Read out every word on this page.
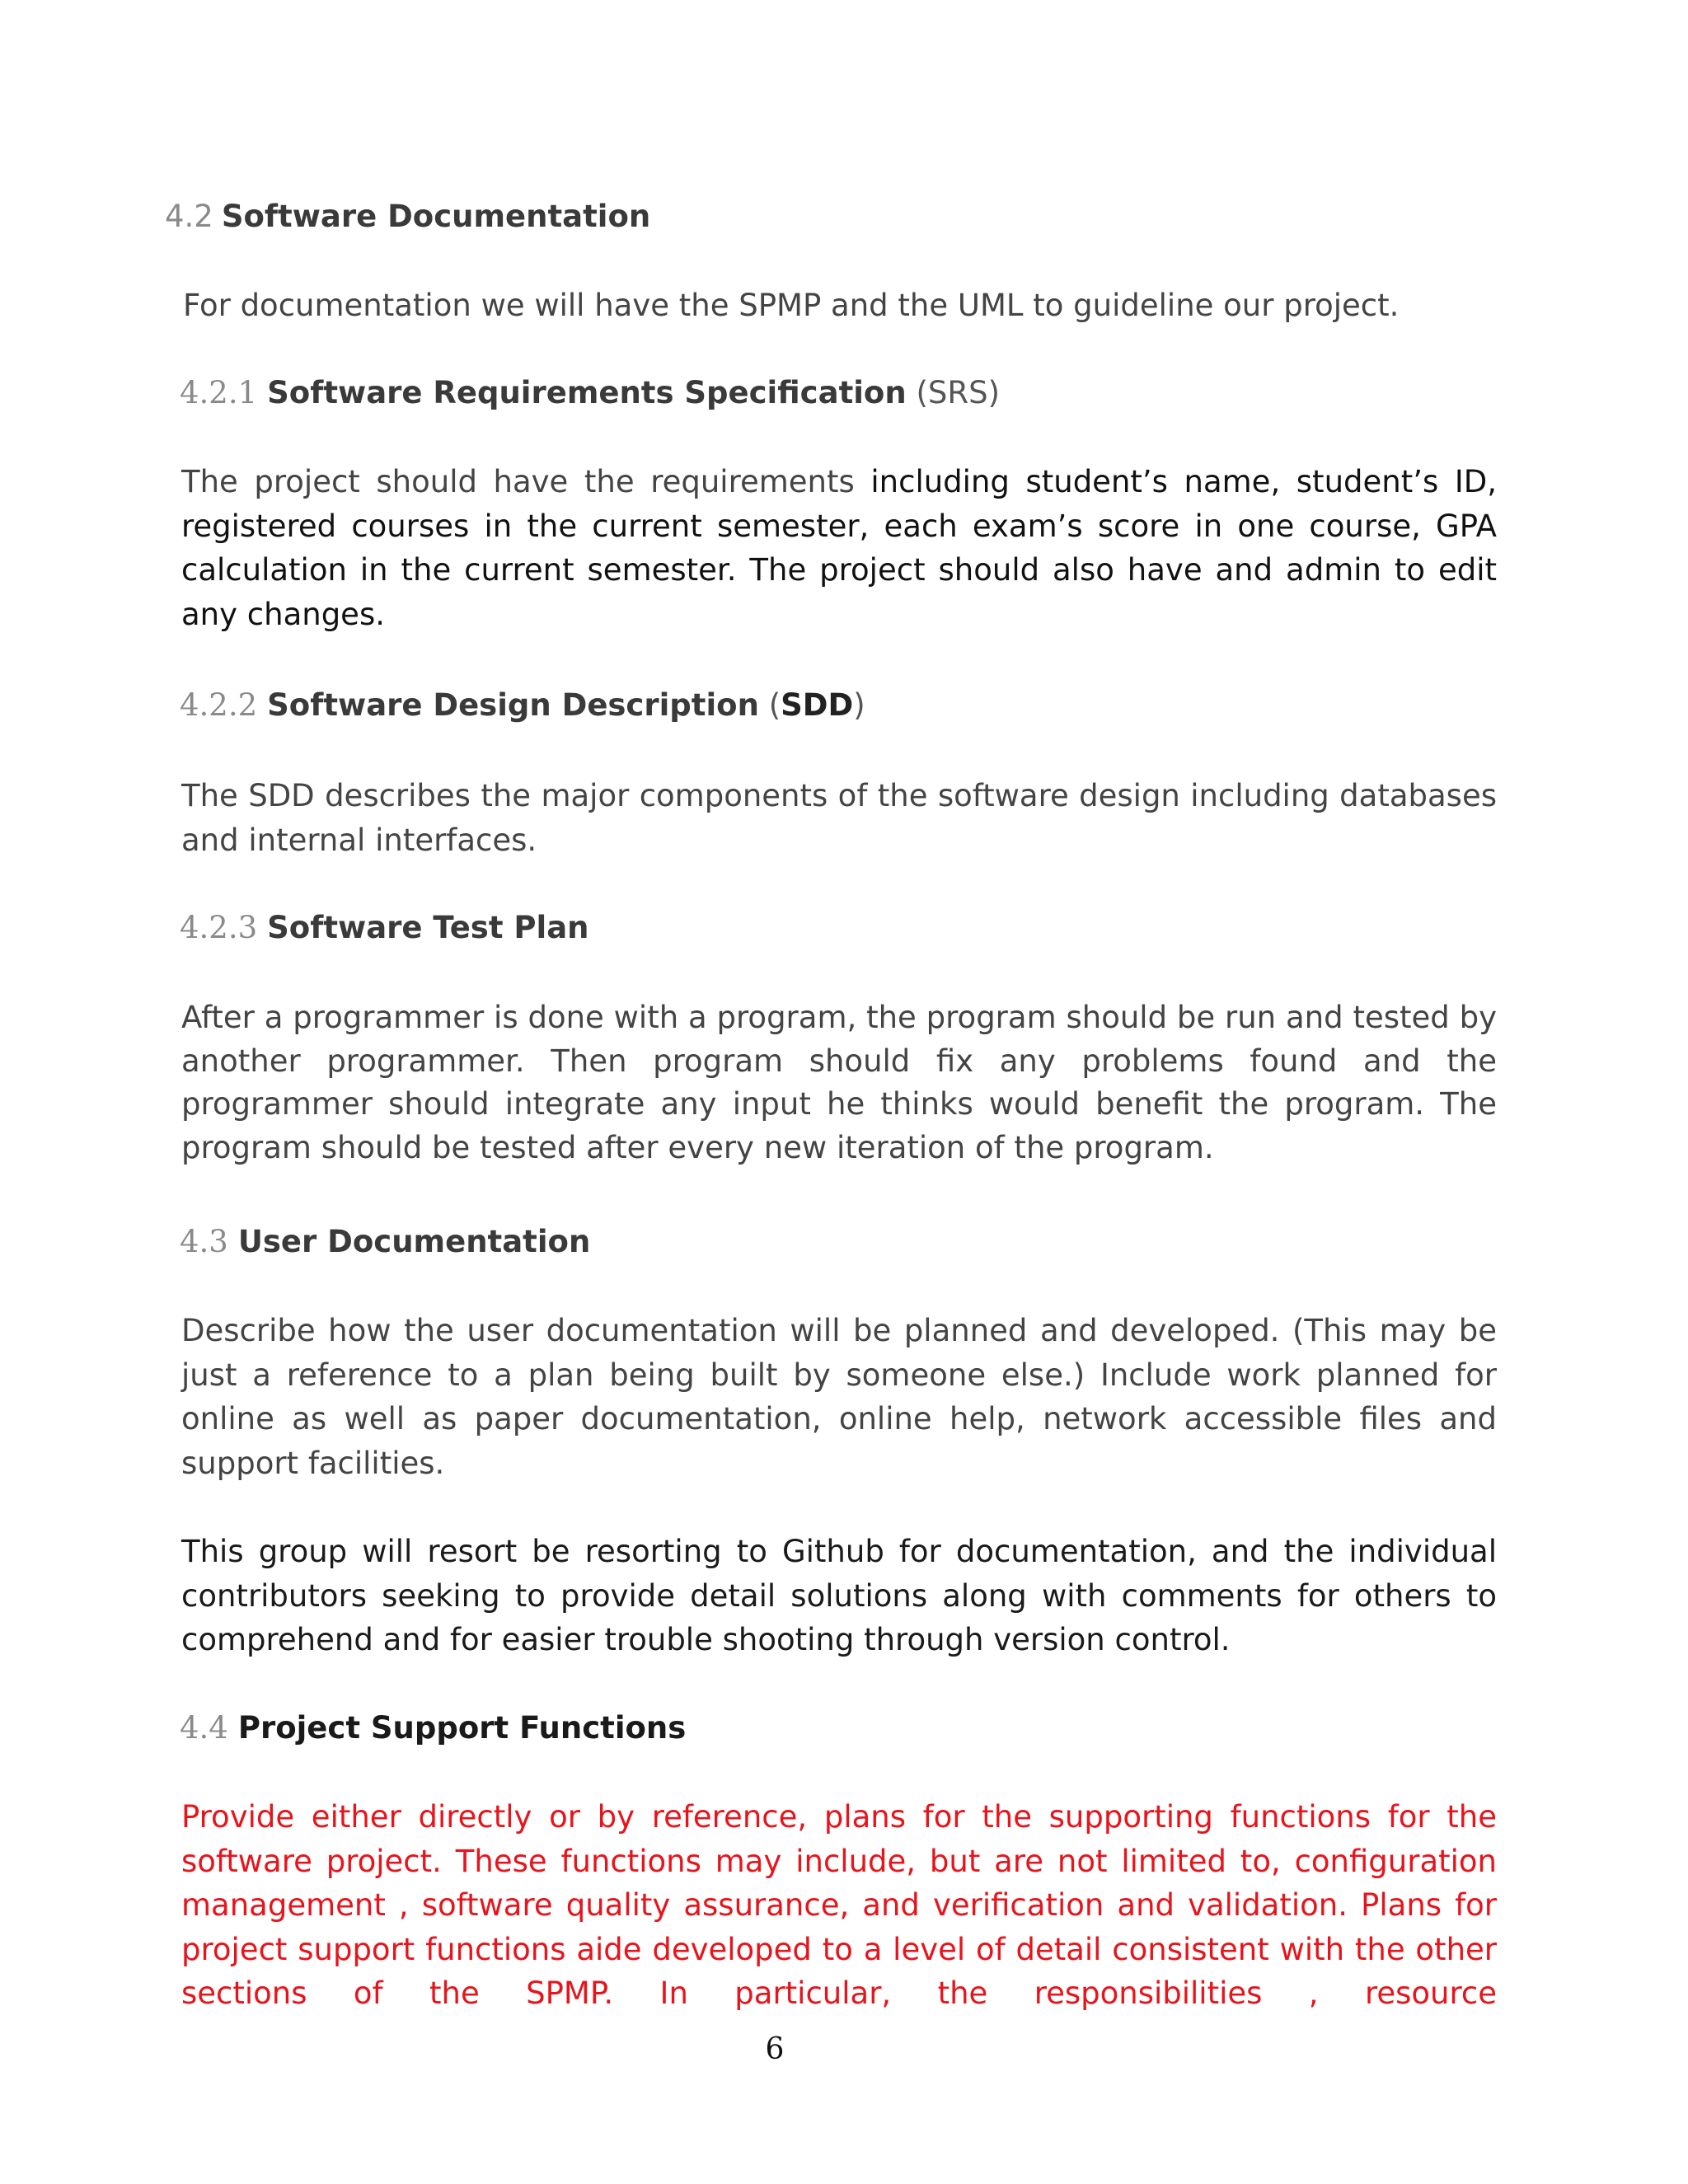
4.2 Software Documentation
For documentation we will have the SPMP and the UML to guideline our project.
4.2.1 Software Requirements Specification (SRS)
The project should have the requirements including student’s name, student’s ID, registered courses in the current semester, each exam’s score in one course, GPA calculation in the current semester. The project should also have and admin to edit any changes.
4.2.2 Software Design Description (SDD)
The SDD describes the major components of the software design including databases and internal interfaces.
4.2.3 Software Test Plan
After a programmer is done with a program, the program should be run and tested by another programmer. Then program should fix any problems found and the programmer should integrate any input he thinks would benefit the program. The program should be tested after every new iteration of the program.
4.3 User Documentation
Describe how the user documentation will be planned and developed. (This may be just a reference to a plan being built by someone else.) Include work planned for online as well as paper documentation, online help, network accessible files and support facilities.
This group will resort be resorting to Github for documentation, and the individual contributors seeking to provide detail solutions along with comments for others to comprehend and for easier trouble shooting through version control.
4.4 Project Support Functions
Provide either directly or by reference, plans for the supporting functions for the software project. These functions may include, but are not limited to, configuration management , software quality assurance, and verification and validation. Plans for project support functions aide developed to a level of detail consistent with the other sections of the SPMP. In particular, the responsibilities , resource
6
